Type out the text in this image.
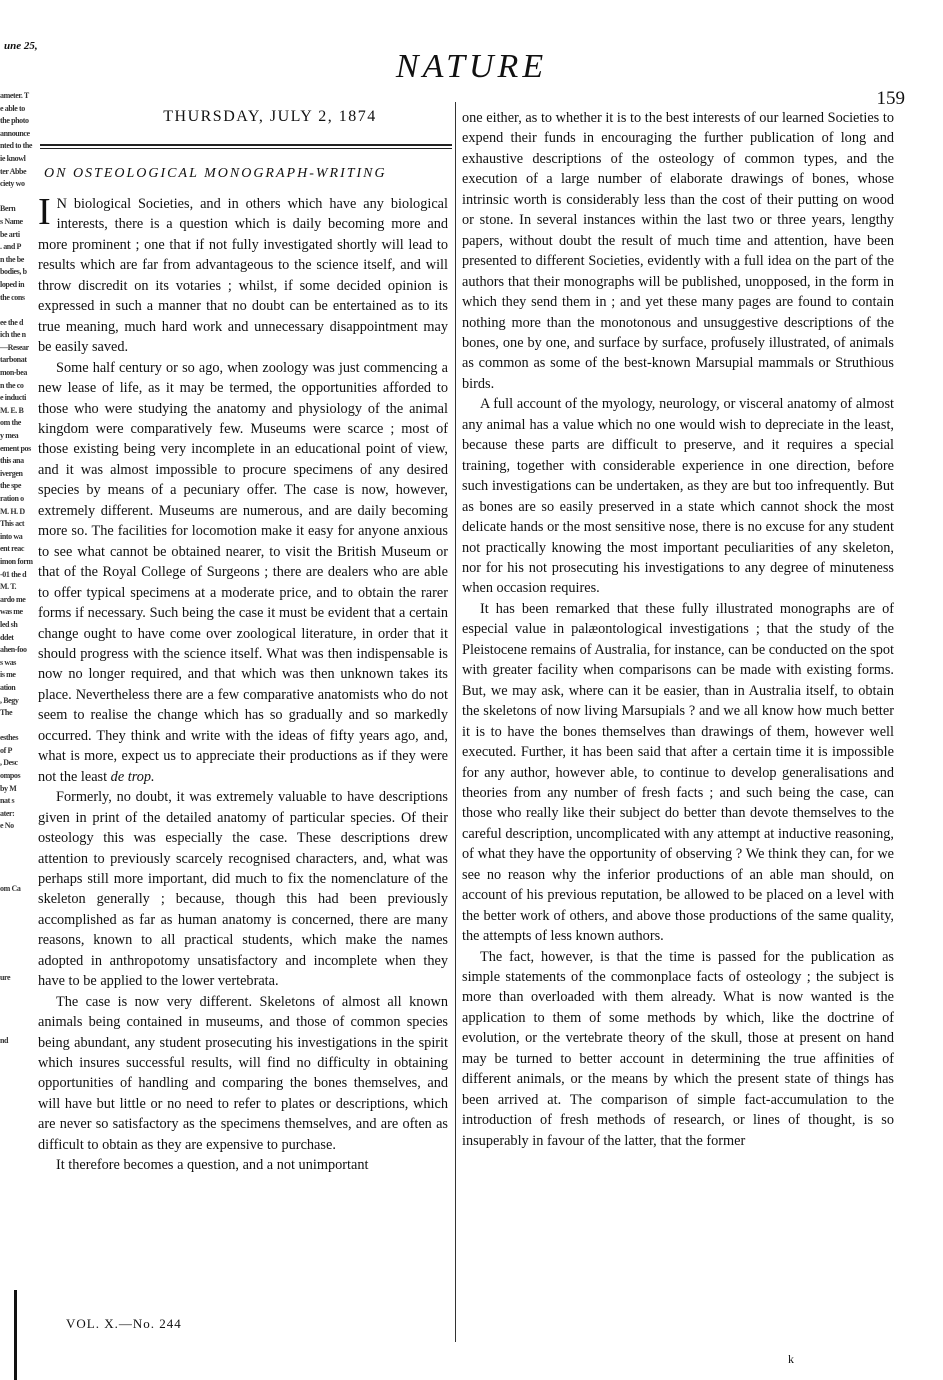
une 25,
ameter. T
e able to
the photo
announce
nted to the
ie knowl
ter Abbe
ciety wo

Bern
s Name
be arti
. and P
n the be
bodies, b
loped in
the cons

ee the d
ich the n
—Resear
tarbonat
mon-bea
n the co
e inducti
M. E. B
om the
y mea
ement pos
this ana
ivergen
the spe
ration o
M. H. D
This act
into wa
ent reac
imon form
-01 the d
M. T.
ardo me
was me
led sh
ddet
ahen-foo
s was
is me
ation
, Begy
The

esthes
of P
, Desc
ompos
by M
nat s
ater:
e No

om Ca

ure

nd

NATURE
159
THURSDAY, JULY 2, 1874
ON OSTEOLOGICAL MONOGRAPH-WRITING

I N biological Societies, and in others which have any biological interests, there is a question which is daily becoming more and more prominent ; one that if not fully investigated shortly will lead to results which are far from advantageous to the science itself, and will throw discredit on its votaries ; whilst, if some decided opinion is expressed in such a manner that no doubt can be entertained as to its true meaning, much hard work and unnecessary disappointment may be easily saved.

Some half century or so ago, when zoology was just commencing a new lease of life, as it may be termed, the opportunities afforded to those who were studying the anatomy and physiology of the animal kingdom were comparatively few. Museums were scarce ; most of those existing being very incomplete in an educational point of view, and it was almost impossible to procure specimens of any desired species by means of a pecuniary offer. The case is now, however, extremely different. Museums are numerous, and are daily becoming more so. The facilities for locomotion make it easy for anyone anxious to see what cannot be obtained nearer, to visit the British Museum or that of the Royal College of Surgeons ; there are dealers who are able to offer typical specimens at a moderate price, and to obtain the rarer forms if necessary. Such being the case it must be evident that a certain change ought to have come over zoological literature, in order that it should progress with the science itself. What was then indispensable is now no longer required, and that which was then unknown takes its place. Nevertheless there are a few comparative anatomists who do not seem to realise the change which has so gradually and so markedly occurred. They think and write with the ideas of fifty years ago, and, what is more, expect us to appreciate their productions as if they were not the least de trop.

Formerly, no doubt, it was extremely valuable to have descriptions given in print of the detailed anatomy of particular species. Of their osteology this was especially the case. These descriptions drew attention to previously scarcely recognised characters, and, what was perhaps still more important, did much to fix the nomenclature of the skeleton generally ; because, though this had been previously accomplished as far as human anatomy is concerned, there are many reasons, known to all practical students, which make the names adopted in anthropotomy unsatisfactory and incomplete when they have to be applied to the lower vertebrata.

The case is now very different. Skeletons of almost all known animals being contained in museums, and those of common species being abundant, any student prosecuting his investigations in the spirit which insures successful results, will find no difficulty in obtaining opportunities of handling and comparing the bones themselves, and will have but little or no need to refer to plates or descriptions, which are never so satisfactory as the specimens themselves, and are often as difficult to obtain as they are expensive to purchase.

It therefore becomes a question, and a not unimportant

one either, as to whether it is to the best interests of our learned Societies to expend their funds in encouraging the further publication of long and exhaustive descriptions of the osteology of common types, and the execution of a large number of elaborate drawings of bones, whose intrinsic worth is considerably less than the cost of their putting on wood or stone. In several instances within the last two or three years, lengthy papers, without doubt the result of much time and attention, have been presented to different Societies, evidently with a full idea on the part of the authors that their monographs will be published, unopposed, in the form in which they send them in ; and yet these many pages are found to contain nothing more than the monotonous and unsuggestive descriptions of the bones, one by one, and surface by surface, profusely illustrated, of animals as common as some of the best-known Marsupial mammals or Struthious birds.

A full account of the myology, neurology, or visceral anatomy of almost any animal has a value which no one would wish to depreciate in the least, because these parts are difficult to preserve, and it requires a special training, together with considerable experience in one direction, before such investigations can be undertaken, as they are but too infrequently. But as bones are so easily preserved in a state which cannot shock the most delicate hands or the most sensitive nose, there is no excuse for any student not practically knowing the most important peculiarities of any skeleton, nor for his not prosecuting his investigations to any degree of minuteness when occasion requires.

It has been remarked that these fully illustrated monographs are of especial value in palæontological investigations ; that the study of the Pleistocene remains of Australia, for instance, can be conducted on the spot with greater facility when comparisons can be made with existing forms. But, we may ask, where can it be easier, than in Australia itself, to obtain the skeletons of now living Marsupials ? and we all know how much better it is to have the bones themselves than drawings of them, however well executed. Further, it has been said that after a certain time it is impossible for any author, however able, to continue to develop generalisations and theories from any number of fresh facts ; and such being the case, can those who really like their subject do better than devote themselves to the careful description, uncomplicated with any attempt at inductive reasoning, of what they have the opportunity of observing ? We think they can, for we see no reason why the inferior productions of an able man should, on account of his previous reputation, be allowed to be placed on a level with the better work of others, and above those productions of the same quality, the attempts of less known authors.

The fact, however, is that the time is passed for the publication as simple statements of the commonplace facts of osteology ; the subject is more than overloaded with them already. What is now wanted is the application to them of some methods by which, like the doctrine of evolution, or the vertebrate theory of the skull, those at present on hand may be turned to better account in determining the true affinities of different animals, or the means by which the present state of things has been arrived at. The comparison of simple fact-accumulation to the introduction of fresh methods of research, or lines of thought, is so insuperably in favour of the latter, that the former

VOL. X.—No. 244
k
